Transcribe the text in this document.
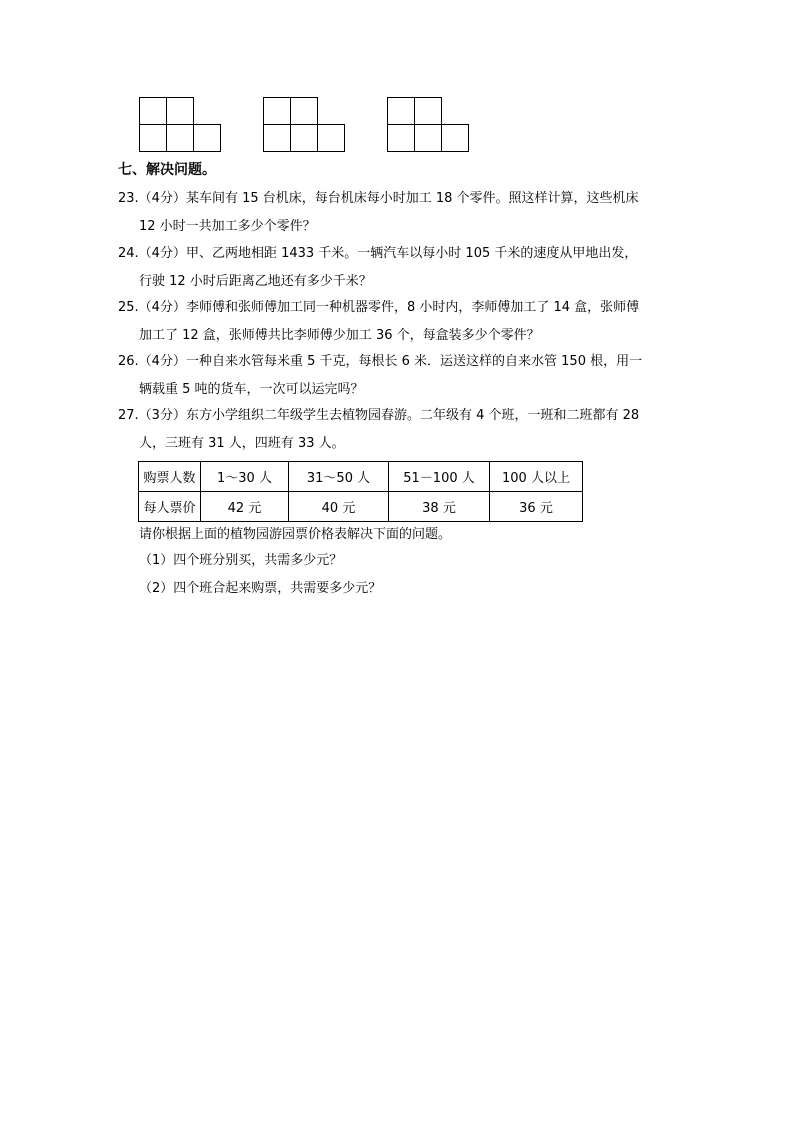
七、解决问题。
23.（4分）某车间有 15 台机床，每台机床每小时加工 18 个零件。照这样计算，这些机床
12 小时一共加工多少个零件？
24.（4分）甲、乙两地相距 1433 千米。一辆汽车以每小时 105 千米的速度从甲地出发，
行驶 12 小时后距离乙地还有多少千米？
25.（4分）李师傅和张师傅加工同一种机器零件，8 小时内，李师傅加工了 14 盒，张师傅
加工了 12 盒，张师傅共比李师傅少加工 36 个，每盒装多少个零件？
26.（4分）一种自来水管每米重 5 千克，每根长 6 米．运送这样的自来水管 150 根，用一
辆载重 5 吨的货车，一次可以运完吗？
27.（3分）东方小学组织二年级学生去植物园春游。二年级有 4 个班，一班和二班都有 28
人，三班有 31 人，四班有 33 人。
购票人数	1～30 人	31～50 人	51－100 人	100 人以上
每人票价	42 元	40 元	38 元	36 元
请你根据上面的植物园游园票价格表解决下面的问题。
（1）四个班分别买，共需多少元？
（2）四个班合起来购票，共需要多少元？
